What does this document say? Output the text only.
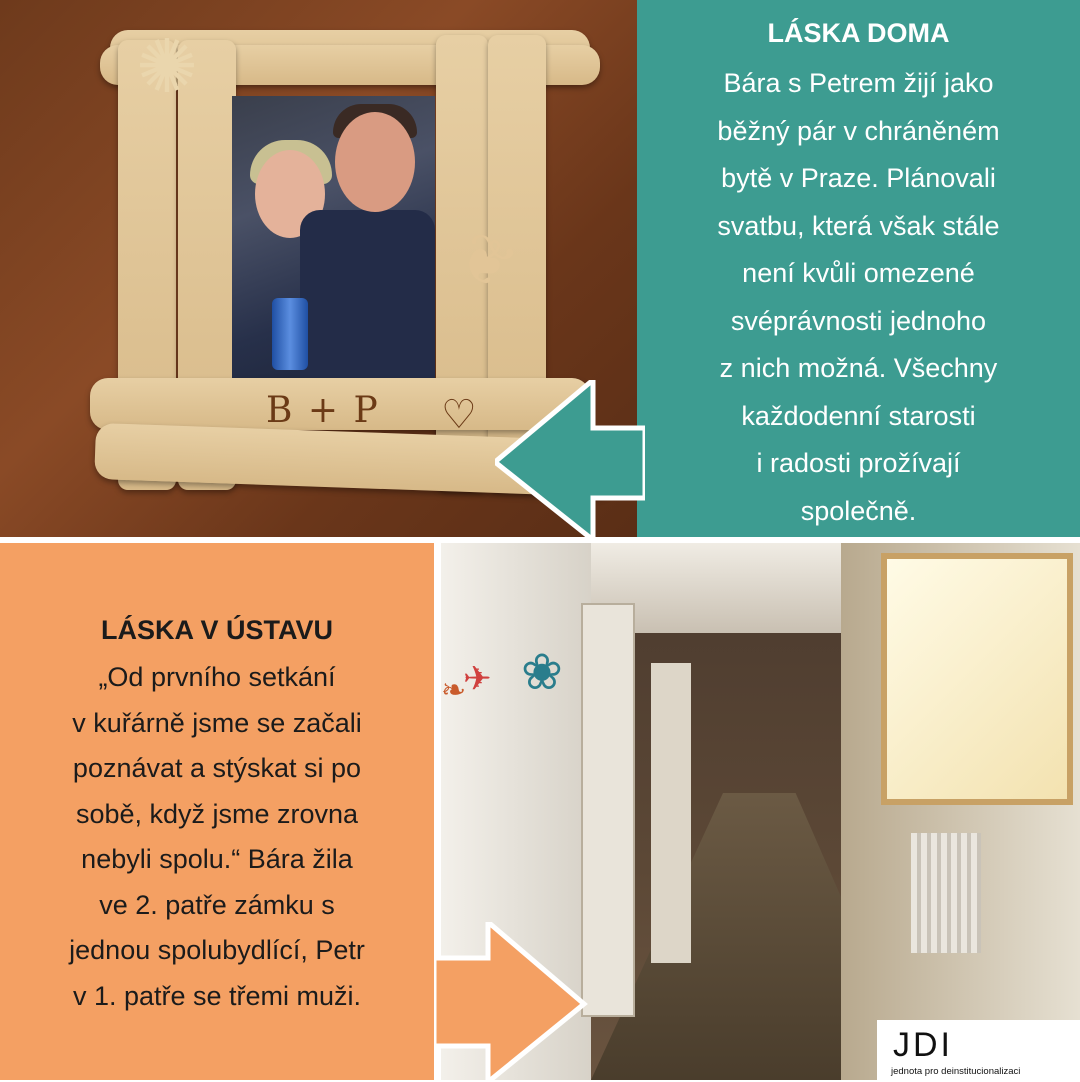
✺
❦
B + P ♡
LÁSKA DOMA
Bára s Petrem žijí jako
běžný pár v chráněném
bytě v Praze. Plánovali
svatbu, která však stále
není kvůli omezené
svéprávnosti jednoho
z nich možná. Všechny
každodenní starosti
i radosti prožívají
společně.
❧
✈ ❀
LÁSKA V ÚSTAVU
„Od prvního setkání
v kuřárně jsme se začali
poznávat a stýskat si po
sobě, když jsme zrovna
nebyli spolu.“ Bára žila
ve 2. patře zámku s
jednou spolubydlící, Petr
v 1. patře se třemi muži.
JDI
jednota pro deinstitucionalizaci
